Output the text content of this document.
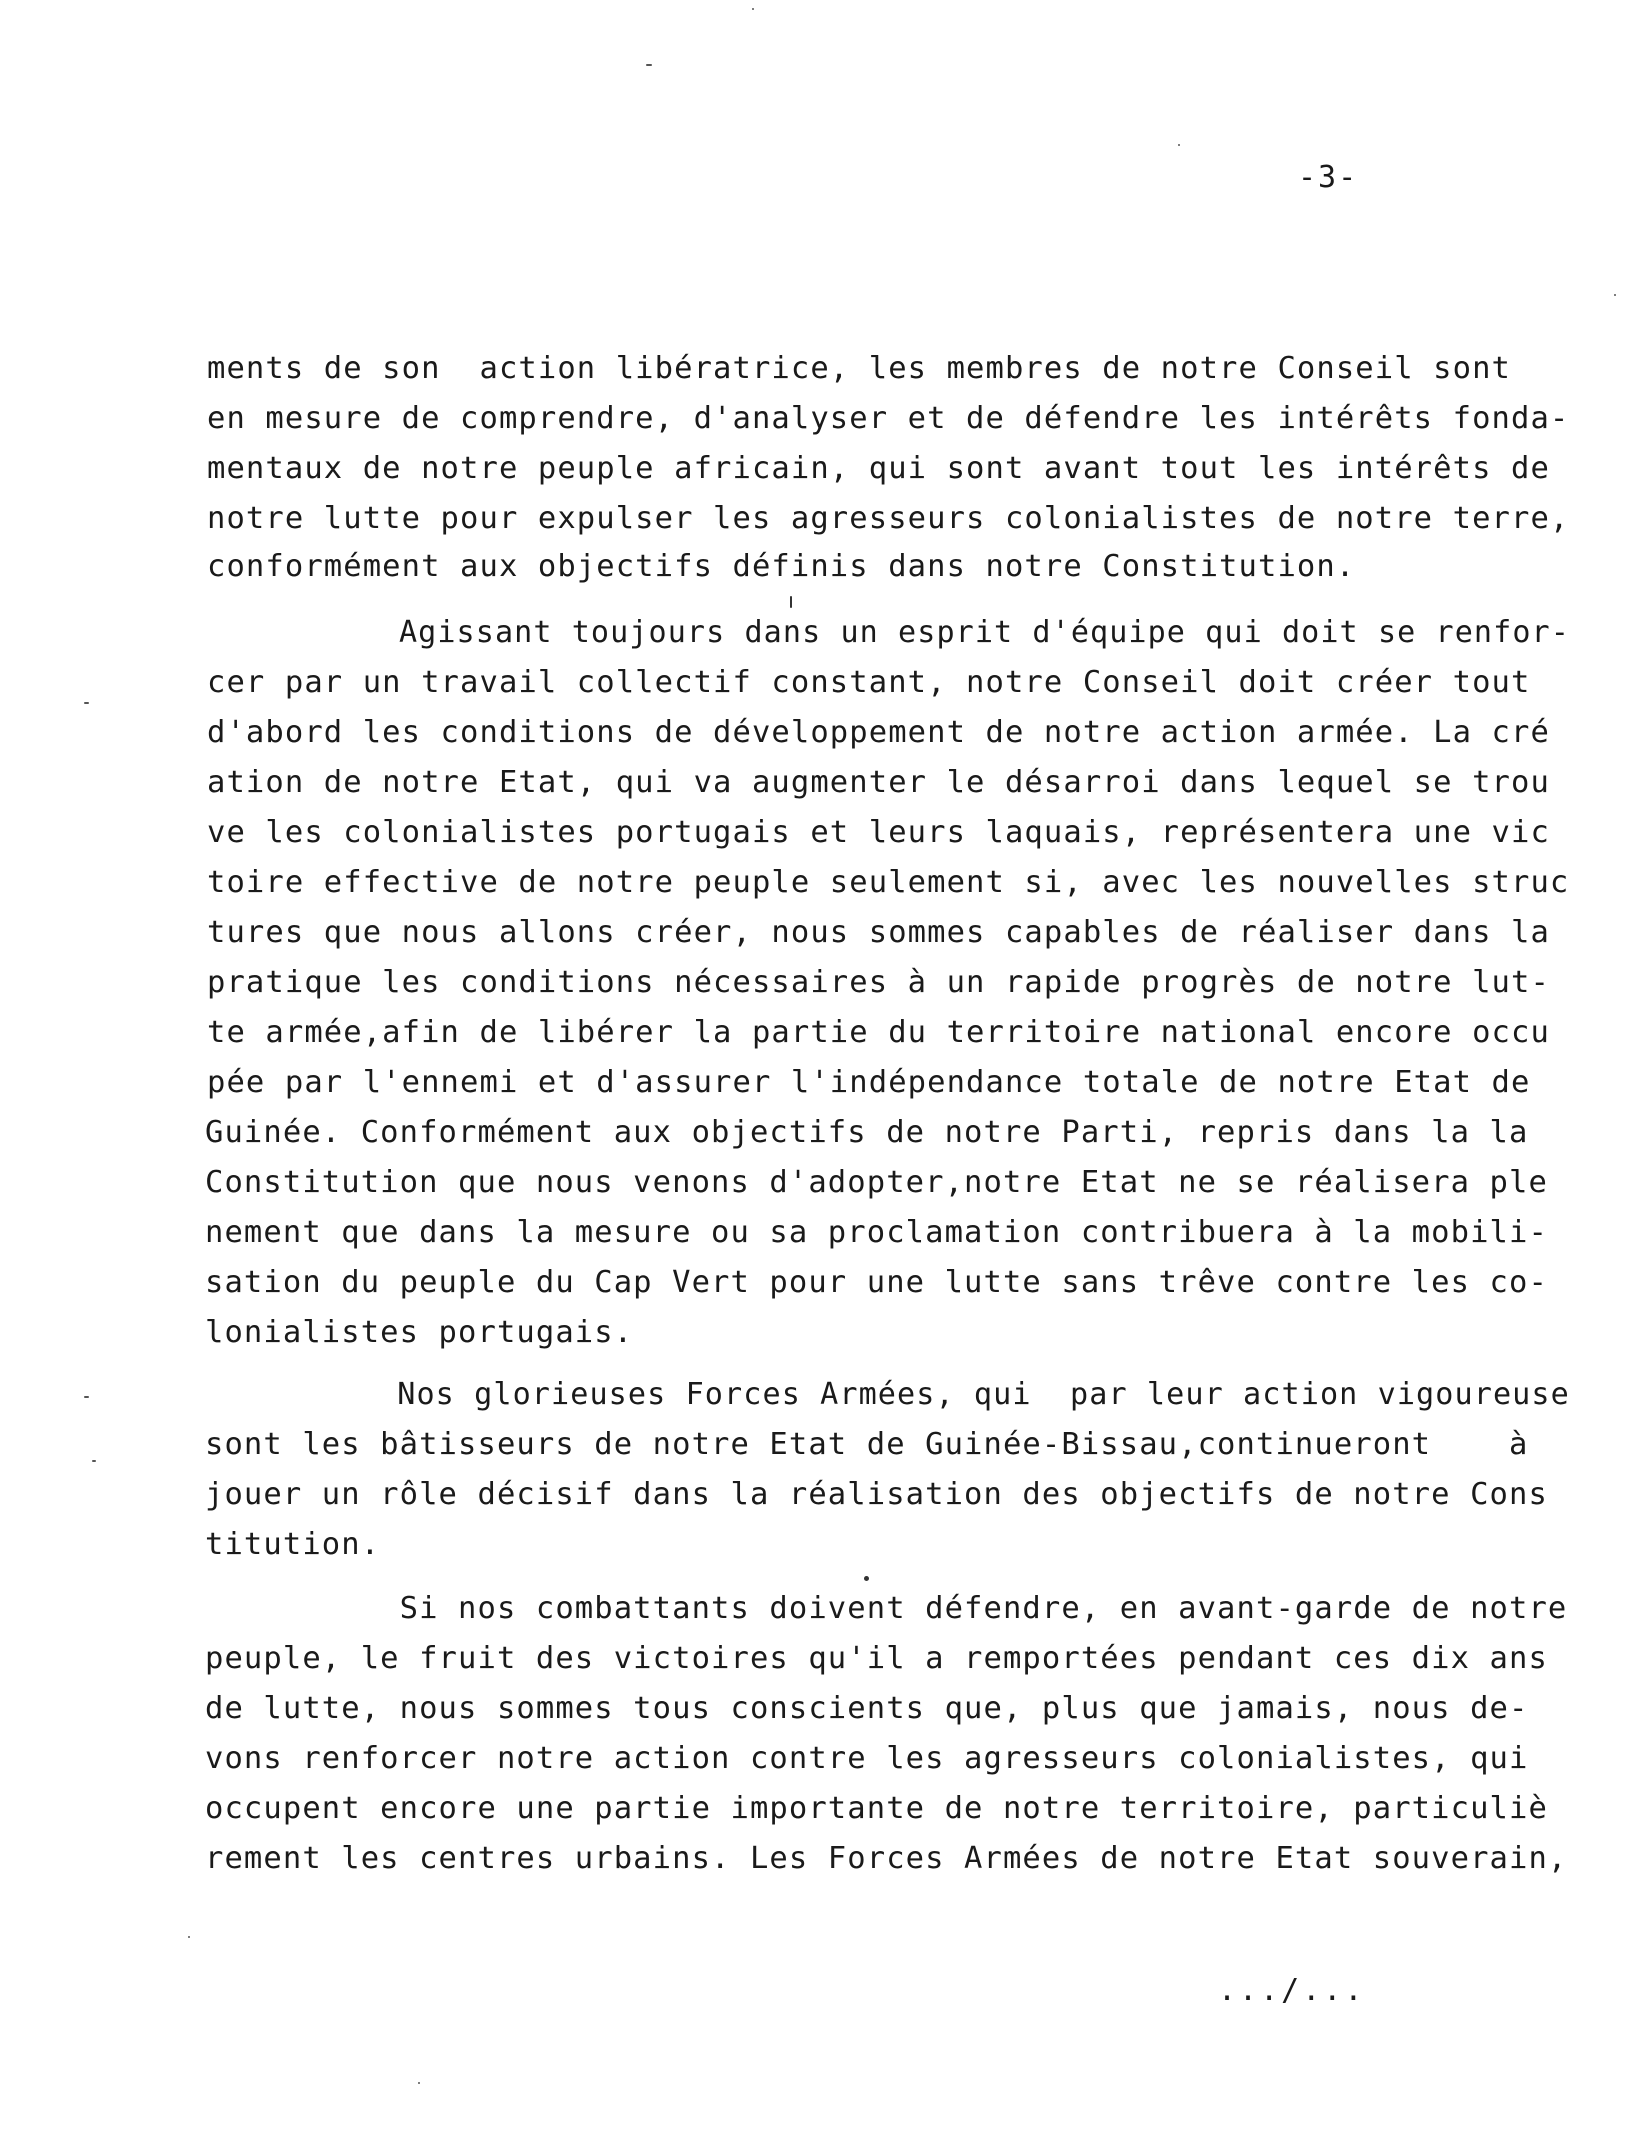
-3-
ments de son  action libératrice, les membres de notre Conseil sont
en mesure de comprendre, d'analyser et de défendre les intérêts fonda-
mentaux de notre peuple africain, qui sont avant tout les intérêts de
notre lutte pour expulser les agresseurs colonialistes de notre terre,
conformément aux objectifs définis dans notre Constitution.
Agissant toujours dans un esprit d'équipe qui doit se renfor-
cer par un travail collectif constant, notre Conseil doit créer tout
d'abord les conditions de développement de notre action armée. La cré
ation de notre Etat, qui va augmenter le désarroi dans lequel se trou
ve les colonialistes portugais et leurs laquais, représentera une vic
toire effective de notre peuple seulement si, avec les nouvelles struc
tures que nous allons créer, nous sommes capables de réaliser dans la
pratique les conditions nécessaires à un rapide progrès de notre lut-
te armée,afin de libérer la partie du territoire national encore occu
pée par l'ennemi et d'assurer l'indépendance totale de notre Etat de
Guinée. Conformément aux objectifs de notre Parti, repris dans la la
Constitution que nous venons d'adopter,notre Etat ne se réalisera ple
nement que dans la mesure ou sa proclamation contribuera à la mobili-
sation du peuple du Cap Vert pour une lutte sans trêve contre les co-
lonialistes portugais.
Nos glorieuses Forces Armées, qui  par leur action vigoureuse
sont les bâtisseurs de notre Etat de Guinée-Bissau,continueront    à
jouer un rôle décisif dans la réalisation des objectifs de notre Cons
titution.
Si nos combattants doivent défendre, en avant-garde de notre
peuple, le fruit des victoires qu'il a remportées pendant ces dix ans
de lutte, nous sommes tous conscients que, plus que jamais, nous de-
vons renforcer notre action contre les agresseurs colonialistes, qui
occupent encore une partie importante de notre territoire, particuliè
rement les centres urbains. Les Forces Armées de notre Etat souverain,
.../...
